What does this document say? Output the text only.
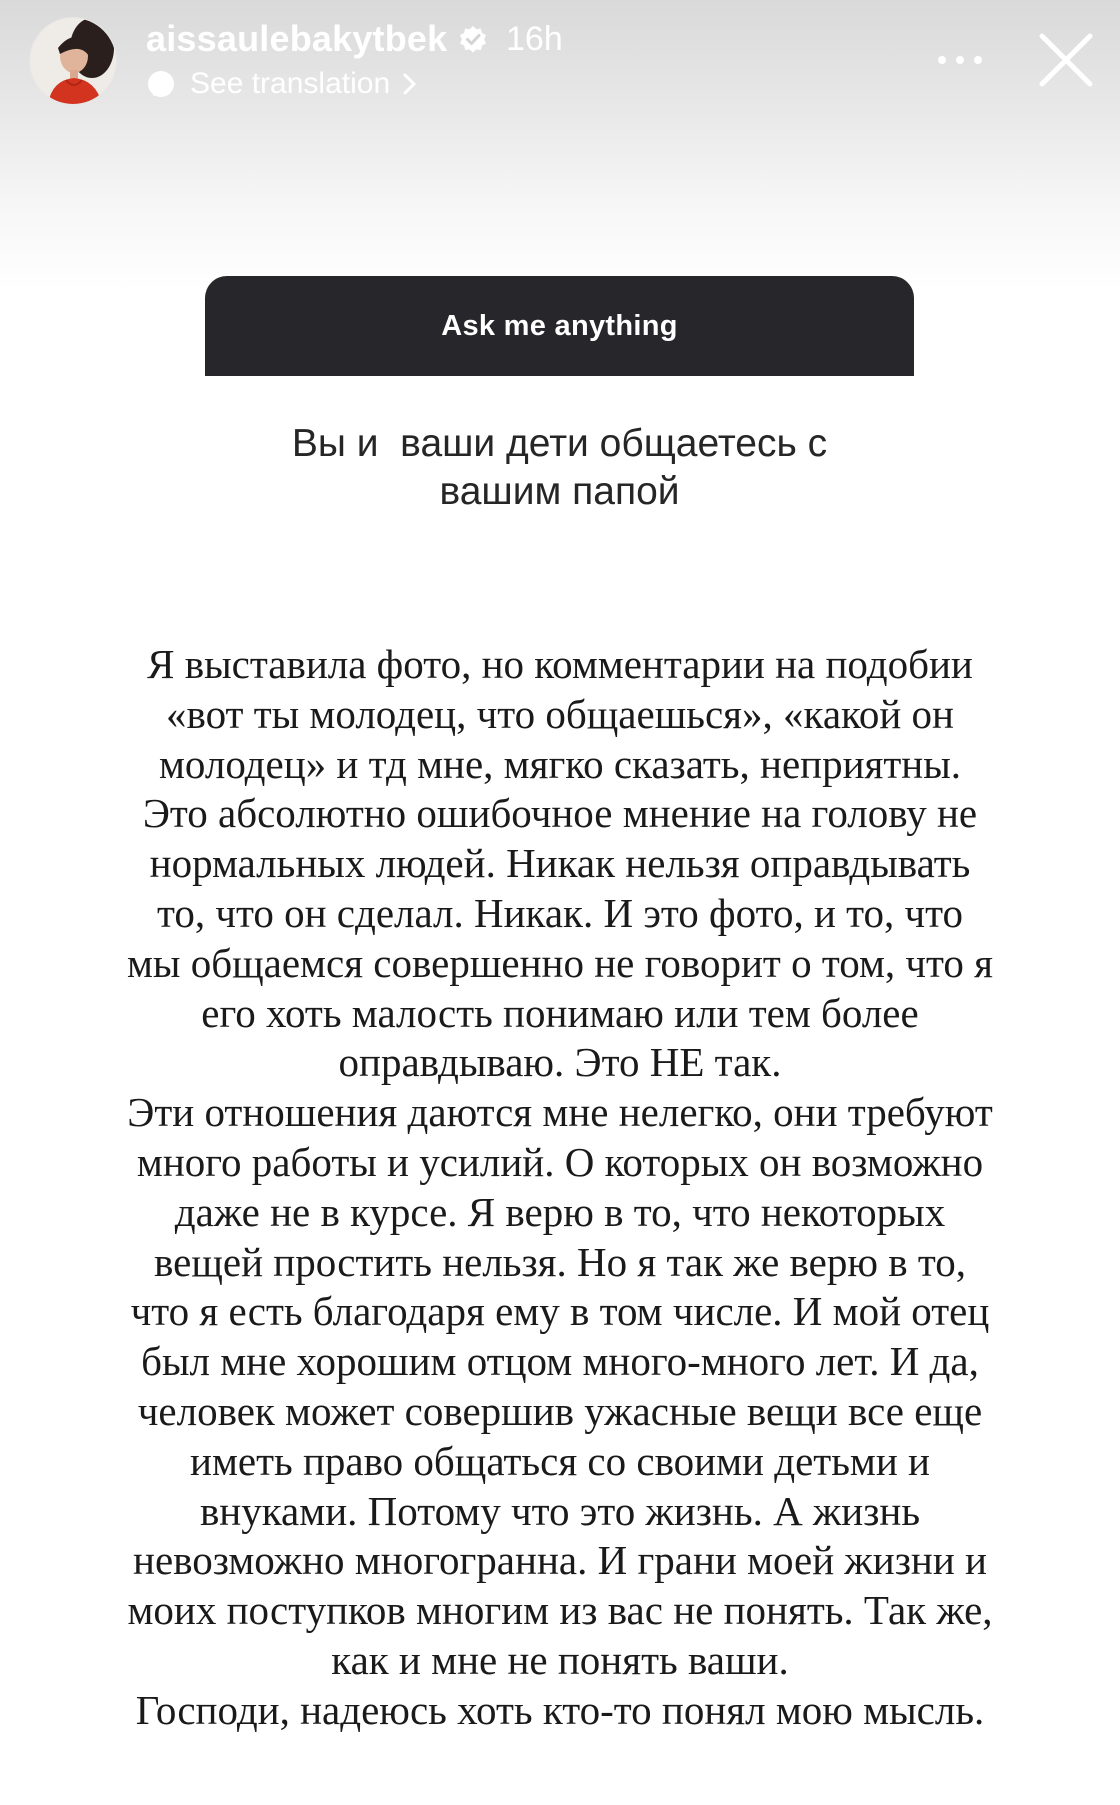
aissaulebakytbek 16h
See translation
Ask me anything
Вы и  ваши дети общаетесь с
вашим папой
Я выставила фото, но комментарии на подобии
«вот ты молодец, что общаешься», «какой он
молодец» и тд мне, мягко сказать, неприятны.
Это абсолютно ошибочное мнение на голову не
нормальных людей. Никак нельзя оправдывать
то, что он сделал. Никак. И это фото, и то, что
мы общаемся совершенно не говорит о том, что я
его хоть малость понимаю или тем более
оправдываю. Это НЕ так.
Эти отношения даются мне нелегко, они требуют
много работы и усилий. О которых он возможно
даже не в курсе. Я верю в то, что некоторых
вещей простить нельзя. Но я так же верю в то,
что я есть благодаря ему в том числе. И мой отец
был мне хорошим отцом много-много лет. И да,
человек может совершив ужасные вещи все еще
иметь право общаться со своими детьми и
внуками. Потому что это жизнь. А жизнь
невозможно многогранна. И грани моей жизни и
моих поступков многим из вас не понять. Так же,
как и мне не понять ваши.
Господи, надеюсь хоть кто-то понял мою мысль.
